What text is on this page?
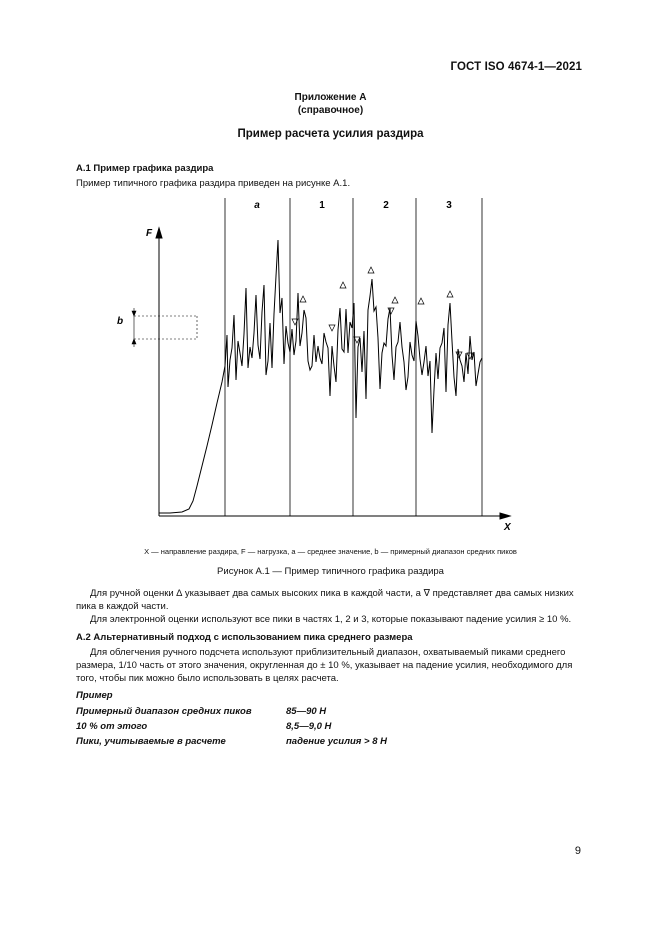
ГОСТ ISO 4674-1—2021
Приложение А
(справочное)
Пример расчета усилия раздира
A.1 Пример графика раздира
Пример типичного графика раздира приведен на рисунке А.1.
a	1	2	3
F
X
b
X — направление раздира, F — нагрузка, a — среднее значение, b — примерный диапазон средних пиков
Рисунок А.1 — Пример типичного графика раздира
Для ручной оценки ∆ указывает два самых высоких пика в каждой части, а ∇ представляет два самых низких
пика в каждой части.
Для электронной оценки используют все пики в частях 1, 2 и 3, которые показывают падение усилия ≥ 10 %.
A.2 Альтернативный подход с использованием пика среднего размера
Для облегчения ручного подсчета используют приблизительный диапазон, охватываемый пиками среднего
размера, 1/10 часть от этого значения, округленная до ± 10 %, указывает на падение усилия, необходимого для
того, чтобы пик можно было использовать в целях расчета.
Пример
Примерный диапазон средних пиков	85—90 Н
10 % от этого	8,5—9,0 Н
Пики, учитываемые в расчете	падение усилия > 8 Н
9
